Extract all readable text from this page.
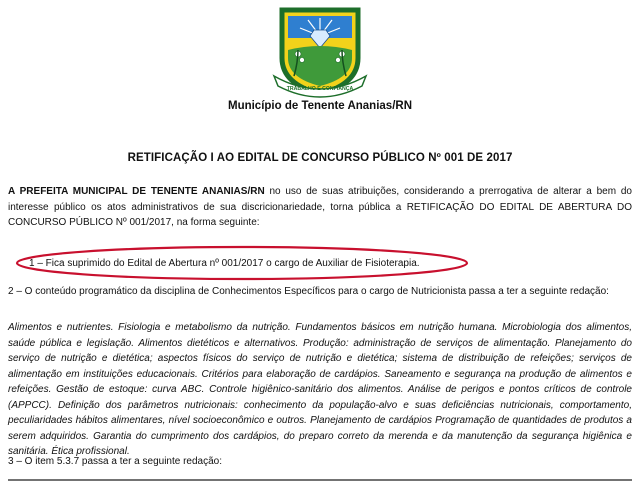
TRABALHO E CONFIANÇA
Município de Tenente Ananias/RN
RETIFICAÇÃO I AO EDITAL DE CONCURSO PÚBLICO Nº 001 DE 2017
A PREFEITA MUNICIPAL DE TENENTE ANANIAS/RN no uso de suas atribuições, considerando a prerrogativa de alterar a bem do interesse público os atos administrativos de sua discricionariedade, torna pública a RETIFICAÇÃO DO EDITAL DE ABERTURA DO CONCURSO PÚBLICO Nº 001/2017, na forma seguinte:
1 – Fica suprimido do Edital de Abertura nº 001/2017 o cargo de Auxiliar de Fisioterapia.
2 – O conteúdo programático da disciplina de Conhecimentos Específicos para o cargo de Nutricionista passa a ter a seguinte redação:
Alimentos e nutrientes. Fisiologia e metabolismo da nutrição. Fundamentos básicos em nutrição humana. Microbiologia dos alimentos, saúde pública e legislação. Alimentos dietéticos e alternativos. Produção: administração de serviços de alimentação. Planejamento do serviço de nutrição e dietética; aspectos físicos do serviço de nutrição e dietética; sistema de distribuição de refeições; serviços de alimentação em instituições educacionais. Critérios para elaboração de cardápios. Saneamento e segurança na produção de alimentos e refeições. Gestão de estoque: curva ABC. Controle higiênico-sanitário dos alimentos. Análise de perigos e pontos críticos de controle (APPCC). Definição dos parâmetros nutricionais: conhecimento da população-alvo e suas deficiências nutricionais, comportamento, peculiaridades hábitos alimentares, nível socioeconômico e outros. Planejamento de cardápios Programação de quantidades de produtos a serem adquiridos. Garantia do cumprimento dos cardápios, do preparo correto da merenda e da manutenção da segurança higiênica e sanitária. Ética profissional.
3 – O item 5.3.7 passa a ter a seguinte redação:
